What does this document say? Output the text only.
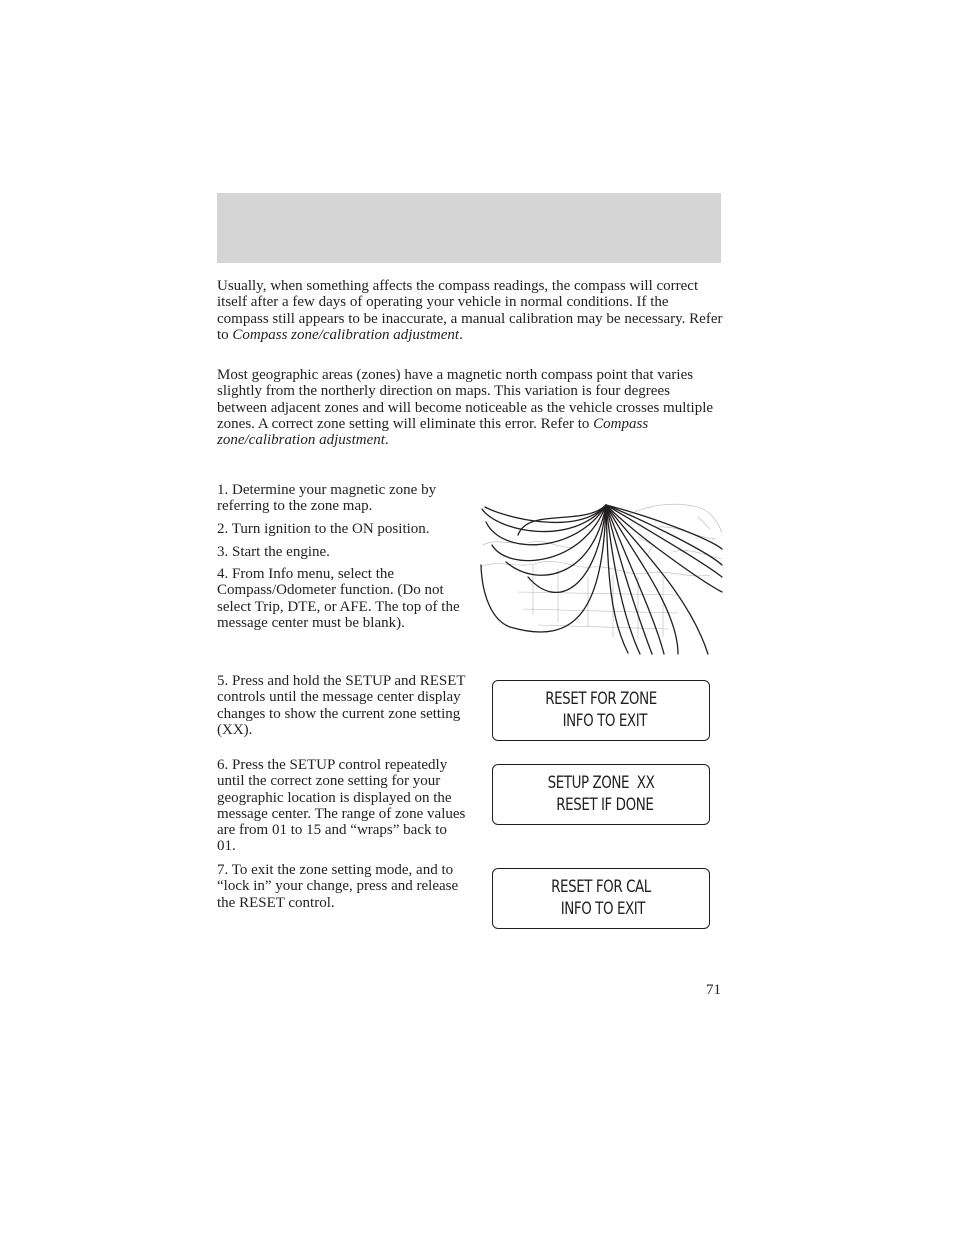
Usually, when something affects the compass readings, the compass will correct itself after a few days of operating your vehicle in normal conditions. If the compass still appears to be inaccurate, a manual calibration may be necessary. Refer to Compass zone/calibration adjustment.

Most geographic areas (zones) have a magnetic north compass point that varies slightly from the northerly direction on maps. This variation is four degrees between adjacent zones and will become noticeable as the vehicle crosses multiple zones. A correct zone setting will eliminate this error. Refer to Compass zone/calibration adjustment.

1. Determine your magnetic zone by referring to the zone map.

2. Turn ignition to the ON position.

3. Start the engine.

4. From Info menu, select the Compass/Odometer function. (Do not select Trip, DTE, or AFE. The top of the message center must be blank).

5. Press and hold the SETUP and RESET controls until the message center display changes to show the current zone setting (XX).

6. Press the SETUP control repeatedly until the correct zone setting for your geographic location is displayed on the message center. The range of zone values are from 01 to 15 and “wraps” back to 01.

7. To exit the zone setting mode, and to “lock in” your change, press and release the RESET control.

RESET FOR ZONE
INFO TO EXIT
SETUP ZONE  XX
RESET IF DONE
RESET FOR CAL
INFO TO EXIT
71
